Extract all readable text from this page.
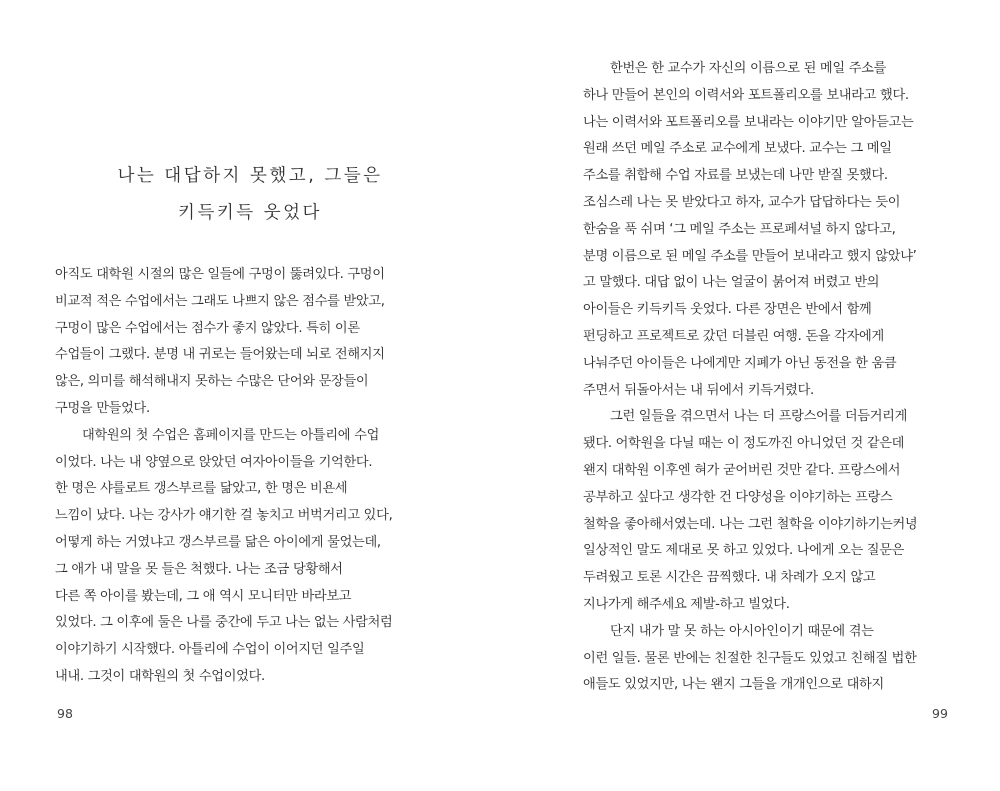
나는 대답하지 못했고, 그들은
키득키득 웃었다
아직도 대학원 시절의 많은 일들에 구멍이 뚫려있다. 구멍이
비교적 적은 수업에서는 그래도 나쁘지 않은 점수를 받았고,
구멍이 많은 수업에서는 점수가 좋지 않았다. 특히 이론
수업들이 그랬다. 분명 내 귀로는 들어왔는데 뇌로 전해지지
않은, 의미를 해석해내지 못하는 수많은 단어와 문장들이
구멍을 만들었다.
대학원의 첫 수업은 홈페이지를 만드는 아틀리에 수업
이었다. 나는 내 양옆으로 앉았던 여자아이들을 기억한다.
한 명은 샤를로트 갱스부르를 닮았고, 한 명은 비욘세
느낌이 났다. 나는 강사가 얘기한 걸 놓치고 버벅거리고 있다,
어떻게 하는 거였냐고 갱스부르를 닮은 아이에게 물었는데,
그 애가 내 말을 못 들은 척했다. 나는 조금 당황해서
다른 쪽 아이를 봤는데, 그 애 역시 모니터만 바라보고
있었다. 그 이후에 둘은 나를 중간에 두고 나는 없는 사람처럼
이야기하기 시작했다. 아틀리에 수업이 이어지던 일주일
내내. 그것이 대학원의 첫 수업이었다.
98
한번은 한 교수가 자신의 이름으로 된 메일 주소를
하나 만들어 본인의 이력서와 포트폴리오를 보내라고 했다.
나는 이력서와 포트폴리오를 보내라는 이야기만 알아듣고는
원래 쓰던 메일 주소로 교수에게 보냈다. 교수는 그 메일
주소를 취합해 수업 자료를 보냈는데 나만 받질 못했다.
조심스레 나는 못 받았다고 하자, 교수가 답답하다는 듯이
한숨을 푹 쉬며 ‘그 메일 주소는 프로페셔널 하지 않다고,
분명 이름으로 된 메일 주소를 만들어 보내라고 했지 않았냐’
고 말했다. 대답 없이 나는 얼굴이 붉어져 버렸고 반의
아이들은 키득키득 웃었다. 다른 장면은 반에서 함께
펀딩하고 프로젝트로 갔던 더블린 여행. 돈을 각자에게
나눠주던 아이들은 나에게만 지폐가 아닌 동전을 한 움큼
주면서 뒤돌아서는 내 뒤에서 키득거렸다.
그런 일들을 겪으면서 나는 더 프랑스어를 더듬거리게
됐다. 어학원을 다닐 때는 이 정도까진 아니었던 것 같은데
왠지 대학원 이후엔 혀가 굳어버린 것만 같다. 프랑스에서
공부하고 싶다고 생각한 건 다양성을 이야기하는 프랑스
철학을 좋아해서였는데. 나는 그런 철학을 이야기하기는커녕
일상적인 말도 제대로 못 하고 있었다. 나에게 오는 질문은
두려웠고 토론 시간은 끔찍했다. 내 차례가 오지 않고
지나가게 해주세요 제발-하고 빌었다.
단지 내가 말 못 하는 아시아인이기 때문에 겪는
이런 일들. 물론 반에는 친절한 친구들도 있었고 친해질 법한
애들도 있었지만, 나는 왠지 그들을 개개인으로 대하지
99
